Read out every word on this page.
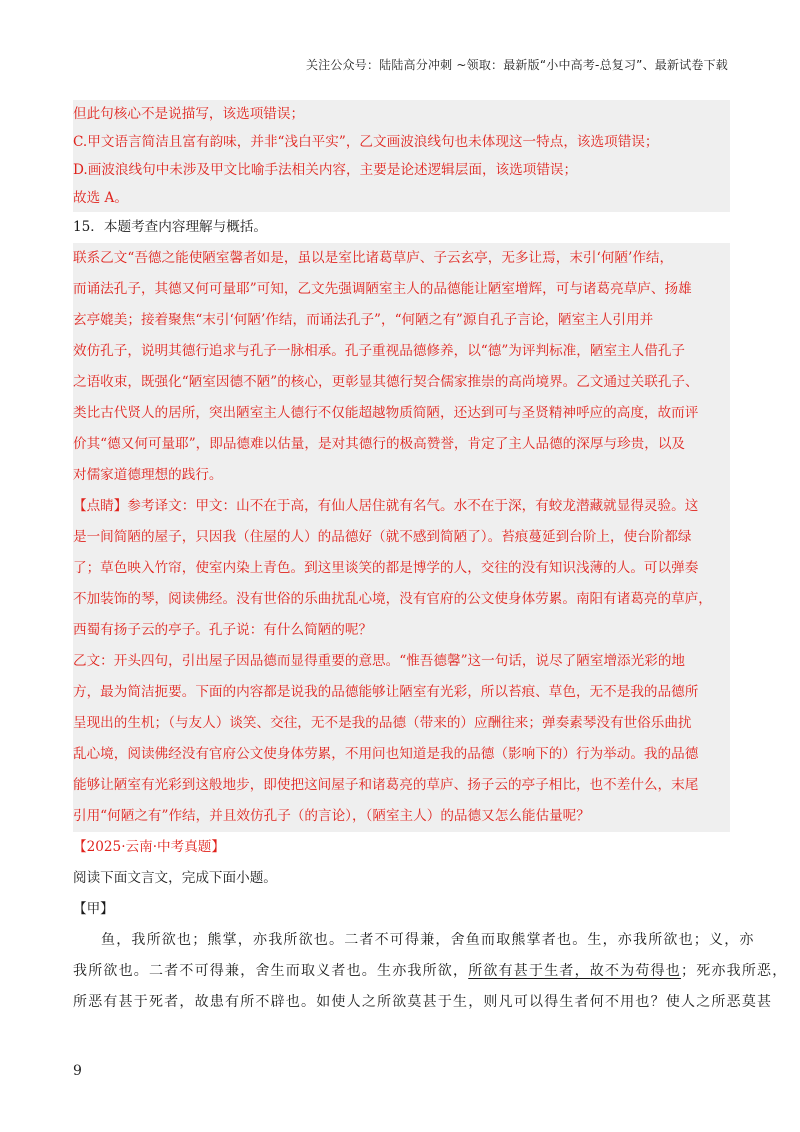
关注公众号：陆陆高分冲刺 ~领取：最新版“小中高考-总复习”、最新试卷下载
但此句核心不是说描写，该选项错误；
C.甲文语言简洁且富有韵味，并非“浅白平实”，乙文画波浪线句也未体现这一特点，该选项错误；
D.画波浪线句中未涉及甲文比喻手法相关内容，主要是论述逻辑层面，该选项错误；
故选 A。
15．本题考查内容理解与概括。
联系乙文“吾德之能使陋室馨者如是，虽以是室比诸葛草庐、子云玄亭，无多让焉，末引‘何陋’作结，
而诵法孔子，其德又何可量耶”可知，乙文先强调陋室主人的品德能让陋室增辉，可与诸葛亮草庐、扬雄
玄亭媲美；接着聚焦“末引‘何陋’作结，而诵法孔子”，“何陋之有”源自孔子言论，陋室主人引用并
效仿孔子，说明其德行追求与孔子一脉相承。孔子重视品德修养，以“德”为评判标准，陋室主人借孔子
之语收束，既强化“陋室因德不陋”的核心，更彰显其德行契合儒家推崇的高尚境界。乙文通过关联孔子、
类比古代贤人的居所，突出陋室主人德行不仅能超越物质简陋，还达到可与圣贤精神呼应的高度，故而评
价其“德又何可量耶”，即品德难以估量，是对其德行的极高赞誉，肯定了主人品德的深厚与珍贵，以及
对儒家道德理想的践行。
【点睛】参考译文：甲文：山不在于高，有仙人居住就有名气。水不在于深，有蛟龙潜藏就显得灵验。这
是一间简陋的屋子，只因我（住屋的人）的品德好（就不感到简陋了）。苔痕蔓延到台阶上，使台阶都绿
了；草色映入竹帘，使室内染上青色。到这里谈笑的都是博学的人，交往的没有知识浅薄的人。可以弹奏
不加装饰的琴，阅读佛经。没有世俗的乐曲扰乱心境，没有官府的公文使身体劳累。南阳有诸葛亮的草庐，
西蜀有扬子云的亭子。孔子说：有什么简陋的呢？
乙文：开头四句，引出屋子因品德而显得重要的意思。“惟吾德馨”这一句话，说尽了陋室增添光彩的地
方，最为简洁扼要。下面的内容都是说我的品德能够让陋室有光彩，所以苔痕、草色，无不是我的品德所
呈现出的生机；（与友人）谈笑、交往，无不是我的品德（带来的）应酬往来；弹奏素琴没有世俗乐曲扰
乱心境，阅读佛经没有官府公文使身体劳累，不用问也知道是我的品德（影响下的）行为举动。我的品德
能够让陋室有光彩到这般地步，即使把这间屋子和诸葛亮的草庐、扬子云的亭子相比，也不差什么，末尾
引用“何陋之有”作结，并且效仿孔子（的言论），（陋室主人）的品德又怎么能估量呢？
【2025·云南·中考真题】
阅读下面文言文，完成下面小题。
【甲】
鱼，我所欲也；熊掌，亦我所欲也。二者不可得兼，舍鱼而取熊掌者也。生，亦我所欲也；义，亦
我所欲也。二者不可得兼，舍生而取义者也。生亦我所欲，所欲有甚于生者，故不为苟得也；死亦我所恶，
所恶有甚于死者，故患有所不辟也。如使人之所欲莫甚于生，则凡可以得生者何不用也？使人之所恶莫甚
9
